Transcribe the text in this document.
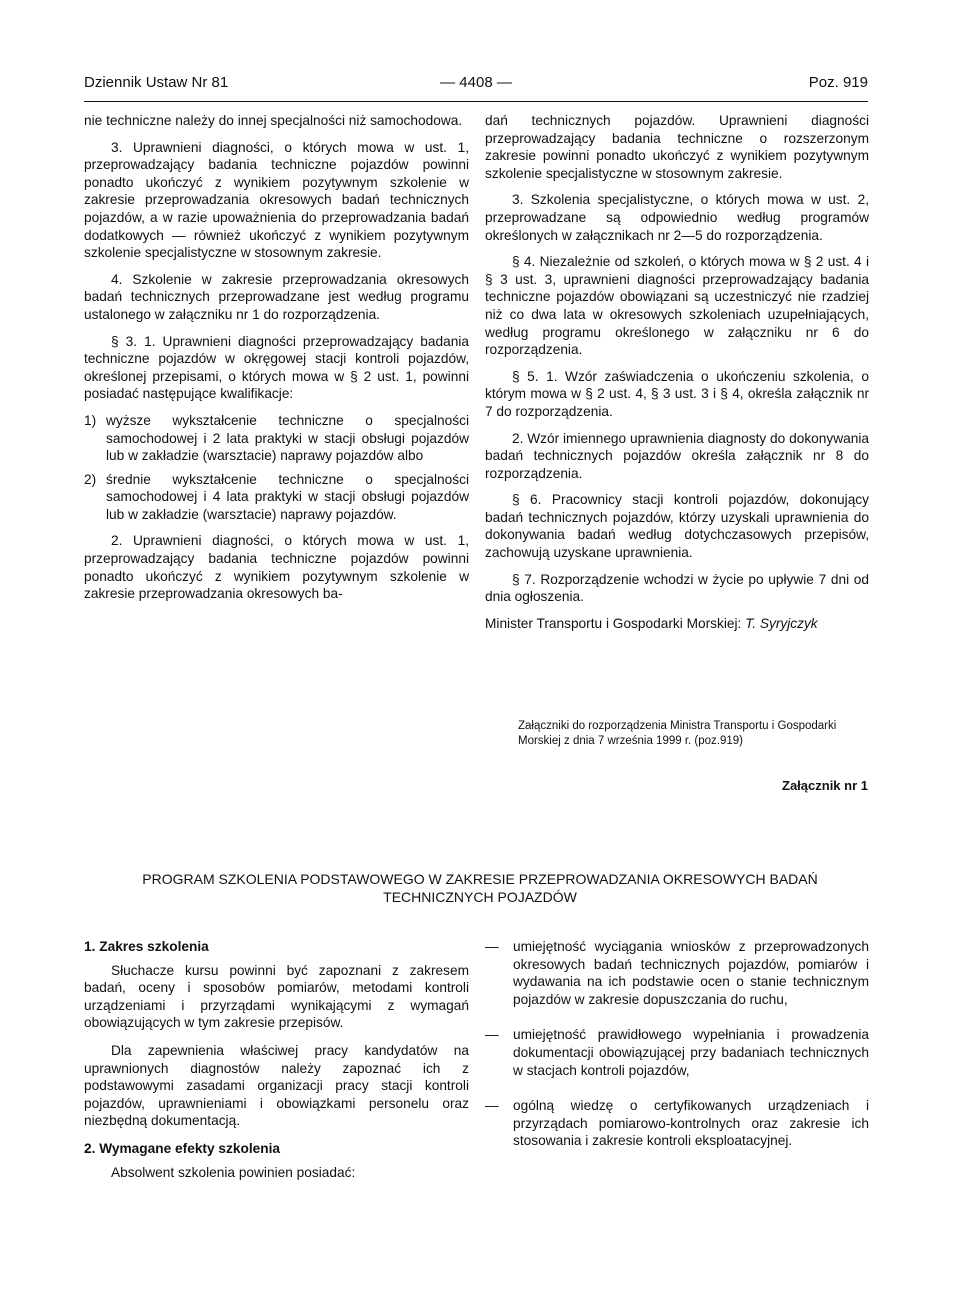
Dziennik Ustaw Nr 81	— 4408 —	Poz. 919

nie techniczne należy do innej specjalności niż samochodowa.

3. Uprawnieni diagności, o których mowa w ust. 1, przeprowadzający badania techniczne pojazdów powinni ponadto ukończyć z wynikiem pozytywnym szkolenie w zakresie przeprowadzania okresowych badań technicznych pojazdów, a w razie upoważnienia do przeprowadzania badań dodatkowych — również ukończyć z wynikiem pozytywnym szkolenie specjalistyczne w stosownym zakresie.

4. Szkolenie w zakresie przeprowadzania okresowych badań technicznych przeprowadzane jest według programu ustalonego w załączniku nr 1 do rozporządzenia.

§ 3. 1. Uprawnieni diagności przeprowadzający badania techniczne pojazdów w okręgowej stacji kontroli pojazdów, określonej przepisami, o których mowa w § 2 ust. 1, powinni posiadać następujące kwalifikacje:

1) wyższe wykształcenie techniczne o specjalności samochodowej i 2 lata praktyki w stacji obsługi pojazdów lub w zakładzie (warsztacie) naprawy pojazdów albo
2) średnie wykształcenie techniczne o specjalności samochodowej i 4 lata praktyki w stacji obsługi pojazdów lub w zakładzie (warsztacie) naprawy pojazdów.

2. Uprawnieni diagności, o których mowa w ust. 1, przeprowadzający badania techniczne pojazdów powinni ponadto ukończyć z wynikiem pozytywnym szkolenie w zakresie przeprowadzania okresowych ba-

dań technicznych pojazdów. Uprawnieni diagności przeprowadzający badania techniczne o rozszerzonym zakresie powinni ponadto ukończyć z wynikiem pozytywnym szkolenie specjalistyczne w stosownym zakresie.

3. Szkolenia specjalistyczne, o których mowa w ust. 2, przeprowadzane są odpowiednio według programów określonych w załącznikach nr 2—5 do rozporządzenia.

§ 4. Niezależnie od szkoleń, o których mowa w § 2 ust. 4 i § 3 ust. 3, uprawnieni diagności przeprowadzający badania techniczne pojazdów obowiązani są uczestniczyć nie rzadziej niż co dwa lata w okresowych szkoleniach uzupełniających, według programu określonego w załączniku nr 6 do rozporządzenia.

§ 5. 1. Wzór zaświadczenia o ukończeniu szkolenia, o którym mowa w § 2 ust. 4, § 3 ust. 3 i § 4, określa załącznik nr 7 do rozporządzenia.

2. Wzór imiennego uprawnienia diagnosty do dokonywania badań technicznych pojazdów określa załącznik nr 8 do rozporządzenia.

§ 6. Pracownicy stacji kontroli pojazdów, dokonujący badań technicznych pojazdów, którzy uzyskali uprawnienia do dokonywania badań według dotychczasowych przepisów, zachowują uzyskane uprawnienia.

§ 7. Rozporządzenie wchodzi w życie po upływie 7 dni od dnia ogłoszenia.

Minister Transportu i Gospodarki Morskiej: T. Syryjczyk

Załączniki do rozporządzenia Ministra Transportu i Gospodarki Morskiej z dnia 7 września 1999 r. (poz.919)
Załącznik nr 1
PROGRAM SZKOLENIA PODSTAWOWEGO W ZAKRESIE PRZEPROWADZANIA OKRESOWYCH BADAŃ
TECHNICZNYCH POJAZDÓW
1. Zakres szkolenia

Słuchacze kursu powinni być zapoznani z zakresem badań, oceny i sposobów pomiarów, metodami kontroli urządzeniami i przyrządami wynikającymi z wymagań obowiązujących w tym zakresie przepisów.

Dla zapewnienia właściwej pracy kandydatów na uprawnionych diagnostów należy zapoznać ich z podstawowymi zasadami organizacji pracy stacji kontroli pojazdów, uprawnieniami i obowiązkami personelu oraz niezbędną dokumentacją.

2. Wymagane efekty szkolenia

Absolwent szkolenia powinien posiadać:

— umiejętność wyciągania wniosków z przeprowadzonych okresowych badań technicznych pojazdów, pomiarów i wydawania na ich podstawie ocen o stanie technicznym pojazdów w zakresie dopuszczania do ruchu,
— umiejętność prawidłowego wypełniania i prowadzenia dokumentacji obowiązującej przy badaniach technicznych w stacjach kontroli pojazdów,
— ogólną wiedzę o certyfikowanych urządzeniach i przyrządach pomiarowo-kontrolnych oraz zakresie ich stosowania i zakresie kontroli eksploatacyjnej.
